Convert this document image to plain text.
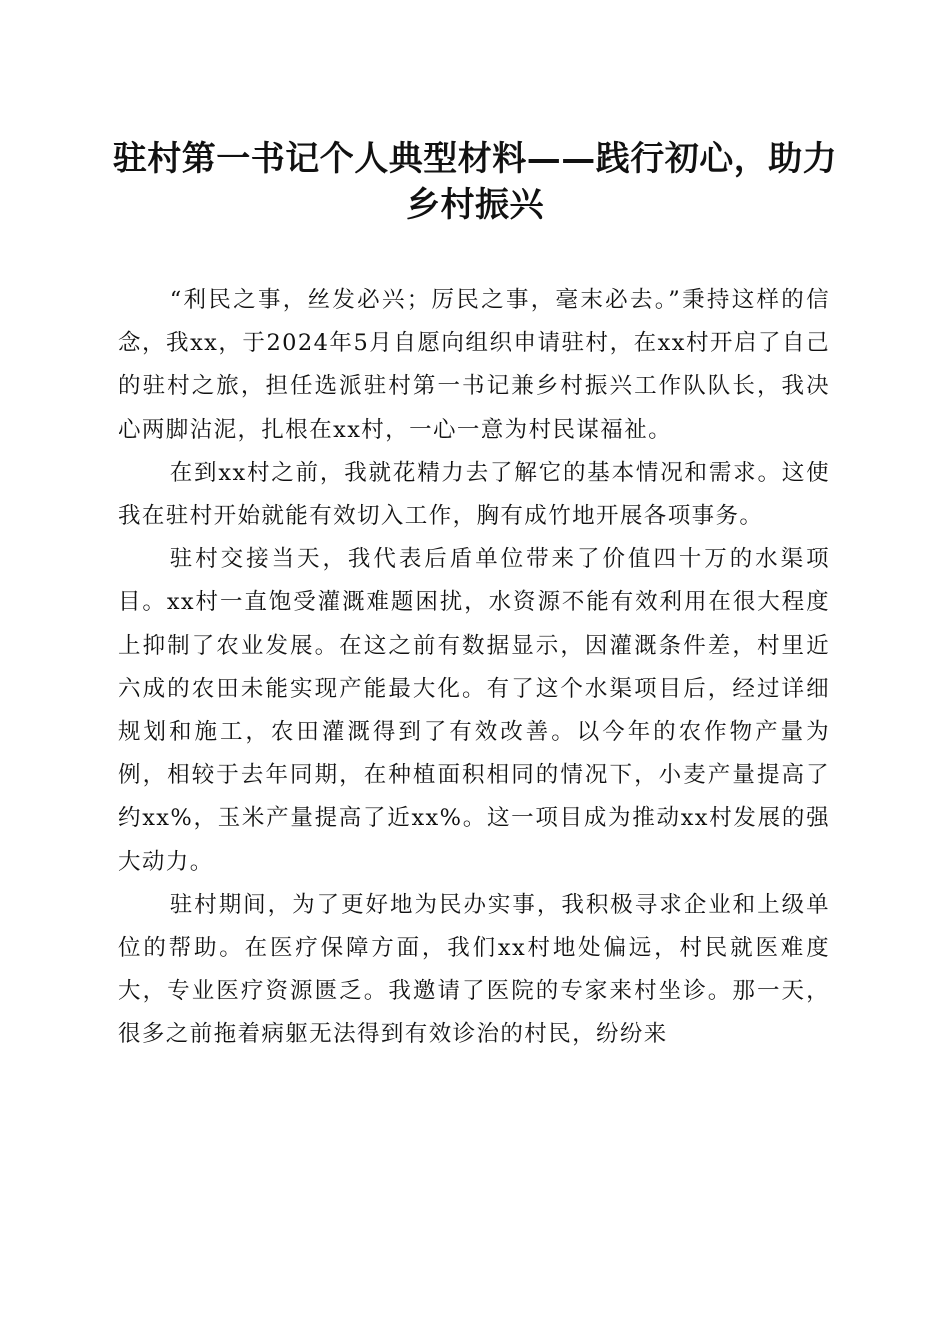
驻村第一书记个人典型材料——践行初心，助力乡村振兴

“利民之事，丝发必兴；厉民之事，毫末必去。”秉持这样的信念，我xx，于2024年5月自愿向组织申请驻村，在xx村开启了自己的驻村之旅，担任选派驻村第一书记兼乡村振兴工作队队长，我决心两脚沾泥，扎根在xx村，一心一意为村民谋福祉。

在到xx村之前，我就花精力去了解它的基本情况和需求。这使我在驻村开始就能有效切入工作，胸有成竹地开展各项事务。

驻村交接当天，我代表后盾单位带来了价值四十万的水渠项目。xx村一直饱受灌溉难题困扰，水资源不能有效利用在很大程度上抑制了农业发展。在这之前有数据显示，因灌溉条件差，村里近六成的农田未能实现产能最大化。有了这个水渠项目后，经过详细规划和施工，农田灌溉得到了有效改善。以今年的农作物产量为例，相较于去年同期，在种植面积相同的情况下，小麦产量提高了约xx%，玉米产量提高了近xx%。这一项目成为推动xx村发展的强大动力。

驻村期间，为了更好地为民办实事，我积极寻求企业和上级单位的帮助。在医疗保障方面，我们xx村地处偏远，村民就医难度大，专业医疗资源匮乏。我邀请了医院的专家来村坐诊。那一天，很多之前拖着病躯无法得到有效诊治的村民，纷纷来
